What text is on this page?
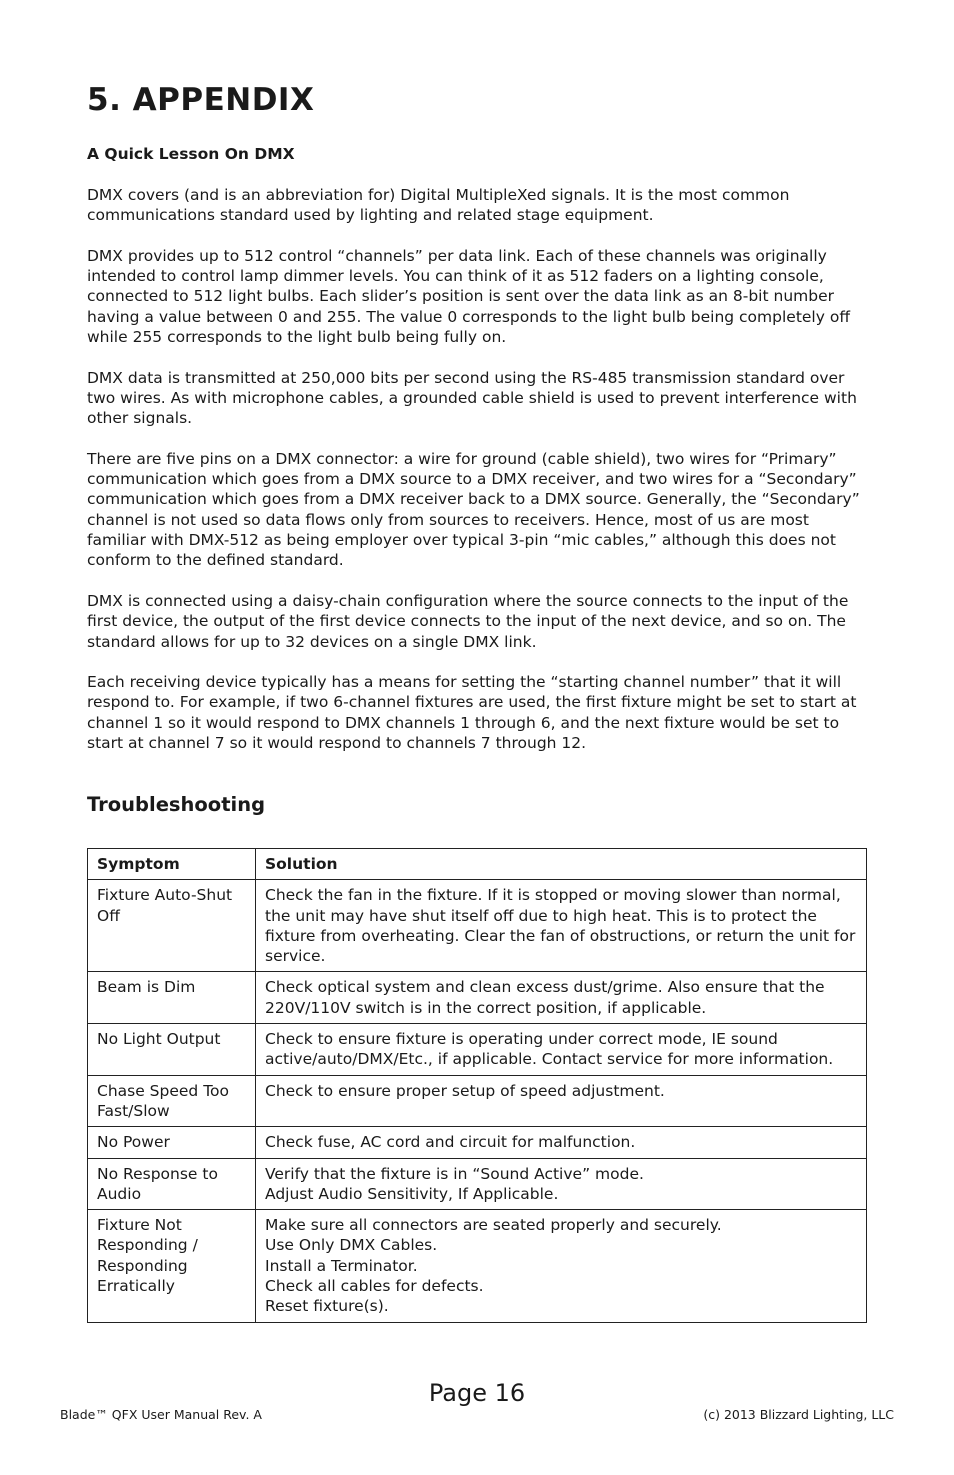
5. APPENDIX
A Quick Lesson On DMX

DMX covers (and is an abbreviation for) Digital MultipleXed signals. It is the most common communications standard used by lighting and related stage equipment.

DMX provides up to 512 control “channels” per data link. Each of these channels was originally intended to control lamp dimmer levels. You can think of it as 512 faders on a lighting console, connected to 512 light bulbs. Each slider’s position is sent over the data link as an 8-bit number having a value between 0 and 255. The value 0 corresponds to the light bulb being completely off while 255 corresponds to the light bulb being fully on.

DMX data is transmitted at 250,000 bits per second using the RS-485 transmission standard over two wires. As with microphone cables, a grounded cable shield is used to prevent interference with other signals.

There are five pins on a DMX connector: a wire for ground (cable shield), two wires for “Primary” communication which goes from a DMX source to a DMX receiver, and two wires for a “Secondary” communication which goes from a DMX receiver back to a DMX source. Generally, the “Secondary” channel is not used so data flows only from sources to receivers. Hence, most of us are most familiar with DMX-512 as being employer over typical 3-pin “mic cables,” although this does not conform to the defined standard.

DMX is connected using a daisy-chain configuration where the source connects to the input of the first device, the output of the first device connects to the input of the next device, and so on. The standard allows for up to 32 devices on a single DMX link.

Each receiving device typically has a means for setting the “starting channel number” that it will respond to. For example, if two 6-channel fixtures are used, the first fixture might be set to start at channel 1 so it would respond to DMX channels 1 through 6, and the next fixture would be set to start at channel 7 so it would respond to channels 7 through 12.

Troubleshooting
Symptom	Solution
Fixture Auto-Shut Off	Check the fan in the fixture. If it is stopped or moving slower than normal, the unit may have shut itself off due to high heat. This is to protect the fixture from overheating. Clear the fan of obstructions, or return the unit for service.

Beam is Dim	Check optical system and clean excess dust/grime. Also ensure that the 220V/110V switch is in the correct position, if applicable.

No Light Output	Check to ensure fixture is operating under correct mode, IE sound active/auto/DMX/Etc., if applicable. Contact service for more information.

Chase Speed Too Fast/Slow	Check to ensure proper setup of speed adjustment.

No Power	Check fuse, AC cord and circuit for malfunction.

No Response to Audio	Verify that the fixture is in “Sound Active” mode.
Adjust Audio Sensitivity, If Applicable.

Fixture Not Responding / Responding Erratically	Make sure all connectors are seated properly and securely.
Use Only DMX Cables.
Install a Terminator.
Check all cables for defects.
Reset fixture(s).
Page 16
Blade™ QFX User Manual Rev. A	(c) 2013 Blizzard Lighting, LLC
